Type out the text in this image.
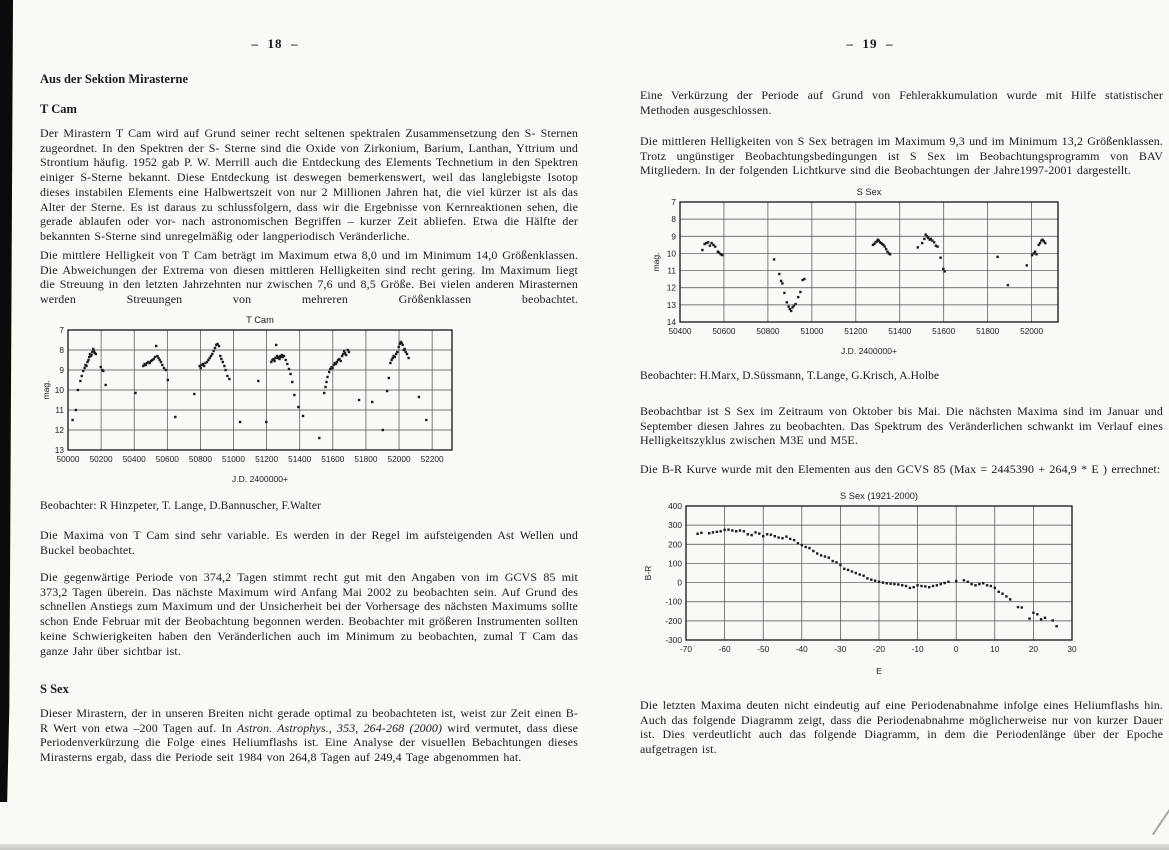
–  18  –
Aus der Sektion Mirasterne
T Cam
Der Mirastern T Cam wird auf Grund seiner recht seltenen spektralen Zusammensetzung den S- Sternen zugeordnet. In den Spektren der S- Sterne sind die Oxide von Zirkonium, Barium, Lanthan, Yttrium und Strontium häufig. 1952 gab P. W. Merrill auch die Entdeckung des Elements Technetium in den Spektren einiger S-Sterne bekannt. Diese Entdeckung ist deswegen bemerkenswert, weil das langlebigste Isotop dieses instabilen Elements eine Halbwertszeit von nur 2 Millionen Jahren hat, die viel kürzer ist als das Alter der Sterne. Es ist daraus zu schlussfolgern, dass wir die Ergebnisse von Kernreaktionen sehen, die gerade ablaufen oder vor- nach astronomischen Begriffen – kurzer Zeit abliefen. Etwa die Hälfte der bekannten S-Sterne sind unregelmäßig oder langperiodisch Veränderliche.
Die mittlere Helligkeit von T Cam beträgt im Maximum etwa 8,0 und im Minimum 14,0 Größenklassen. Die Abweichungen der Extrema von diesen mittleren Helligkeiten sind recht gering. Im Maximum liegt die Streuung in den letzten Jahrzehnten nur zwischen 7,6 und 8,5 Größe. Bei vielen anderen Mirasternen werden Streuungen von mehreren Größenklassen beobachtet.
50000 50200 50400 50600 50800 51000 51200 51400 51600 51800 52000 52200
7
8
9
10
11
12
13
T Cam
J.D. 2400000+
mag.
Beobachter: R Hinzpeter, T. Lange, D.Bannuscher, F.Walter
Die Maxima von T Cam sind sehr variable. Es werden in der Regel im aufsteigenden Ast Wellen und Buckel beobachtet.
Die gegenwärtige Periode von 374,2 Tagen stimmt recht gut mit den Angaben von im GCVS 85 mit 373,2 Tagen überein. Das nächste Maximum wird Anfang Mai 2002 zu beobachten sein. Auf Grund des schnellen Anstiegs zum Maximum und der Unsicherheit bei der Vorhersage des nächsten Maximums sollte schon Ende Februar mit der Beobachtung begonnen werden. Beobachter mit größeren Instrumenten sollten keine Schwierigkeiten haben den Veränderlichen auch im Minimum zu beobachten, zumal T Cam das ganze Jahr über sichtbar ist.
S Sex
Dieser Mirastern, der in unseren Breiten nicht gerade optimal zu beobachteten ist, weist zur Zeit einen B-R Wert von etwa –200 Tagen auf. In Astron. Astrophys., 353, 264-268 (2000) wird vermutet, dass diese Periodenverkürzung die Folge eines Heliumflashs ist. Eine Analyse der visuellen Bebachtungen dieses Mirasterns ergab, dass die Periode seit 1984 von 264,8 Tagen auf 249,4 Tage abgenommen hat.
–  19  –
Eine Verkürzung der Periode auf Grund von Fehlerakkumulation wurde mit Hilfe statistischer Methoden ausgeschlossen.
Die mittleren Helligkeiten von S Sex betragen im Maximum 9,3 und im Minimum 13,2 Größenklassen. Trotz ungünstiger Beobachtungsbedingungen ist S Sex im Beobachtungsprogramm von BAV Mitgliedern. In der folgenden Lichtkurve sind die Beobachtungen der Jahre1997-2001 dargestellt.
50400	50600	50800	51000	51200	51400	51600	51800	52000
7
8
9
10
11
12
13
14
S Sex
J.D. 2400000+
mag.
Beobachter: H.Marx, D.Süssmann, T.Lange, G.Krisch, A.Holbe
Beobachtbar ist S Sex im Zeitraum von Oktober bis Mai. Die nächsten Maxima sind im Januar und September diesen Jahres zu beobachten. Das Spektrum des Veränderlichen schwankt im Verlauf eines Helligkeitszyklus zwischen M3E und M5E.
Die B-R Kurve wurde mit den Elementen aus den GCVS 85 (Max = 2445390 + 264,9 * E ) errechnet:
-70	-60	-50	-40	-30	-20	-10	0	10	20	30
-300
-200
-100
0
100
200
300
400
S Sex (1921-2000)
E
B-R
Die letzten Maxima deuten nicht eindeutig auf eine Periodenabnahme infolge eines Heliumflashs hin. Auch das folgende Diagramm zeigt, dass die Periodenabnahme möglicherweise nur von kurzer Dauer ist. Dies verdeutlicht auch das folgende Diagramm, in dem die Periodenlänge über der Epoche aufgetragen ist.
